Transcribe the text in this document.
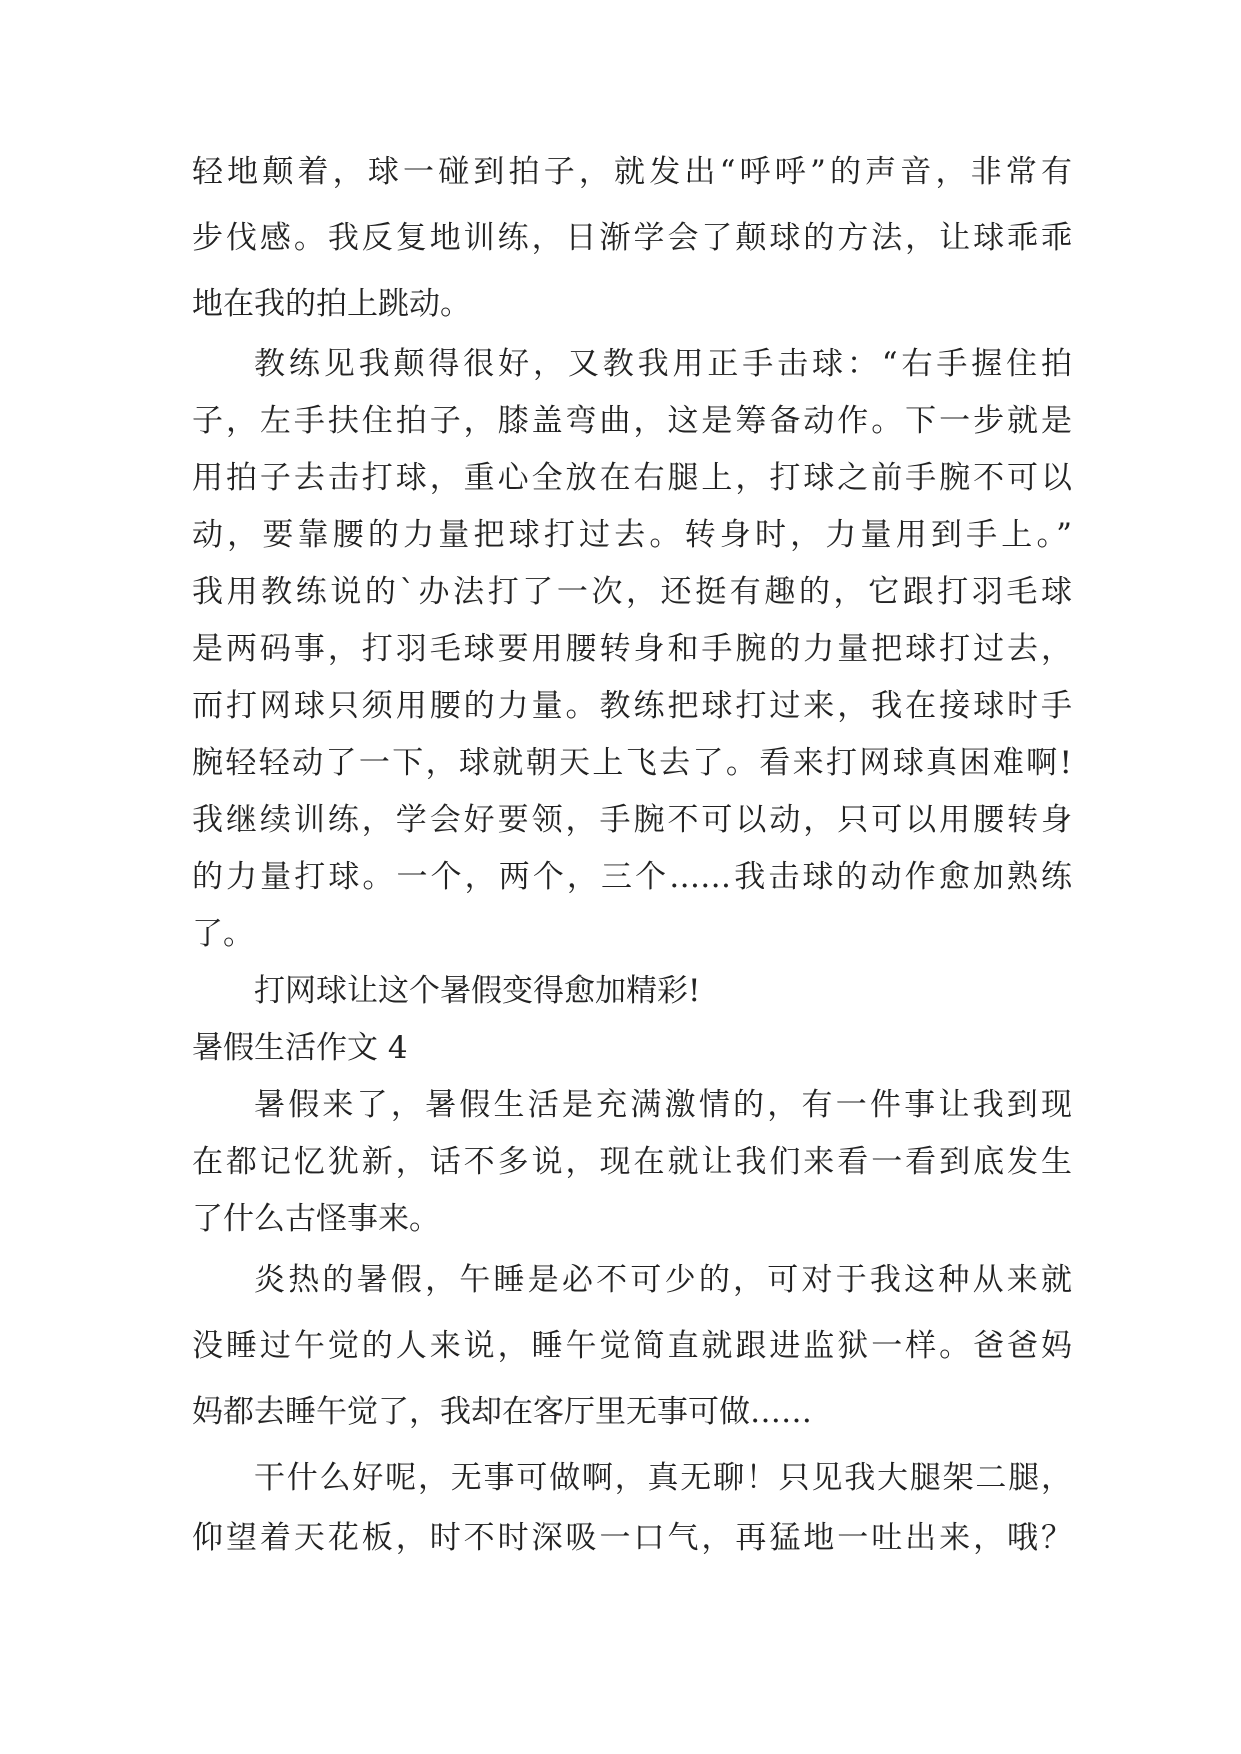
轻地颠着，球一碰到拍子，就发出“呼呼”的声音，非常有
步伐感。我反复地训练，日渐学会了颠球的方法，让球乖乖
地在我的拍上跳动。
教练见我颠得很好，又教我用正手击球：“右手握住拍
子，左手扶住拍子，膝盖弯曲，这是筹备动作。下一步就是
用拍子去击打球，重心全放在右腿上，打球之前手腕不可以
动，要靠腰的力量把球打过去。转身时，力量用到手上。”
我用教练说的`办法打了一次，还挺有趣的，它跟打羽毛球
是两码事，打羽毛球要用腰转身和手腕的力量把球打过去，
而打网球只须用腰的力量。教练把球打过来，我在接球时手
腕轻轻动了一下，球就朝天上飞去了。看来打网球真困难啊!
我继续训练，学会好要领，手腕不可以动，只可以用腰转身
的力量打球。一个，两个，三个……我击球的动作愈加熟练
了。
打网球让这个暑假变得愈加精彩!
暑假生活作文 4
暑假来了，暑假生活是充满激情的，有一件事让我到现
在都记忆犹新，话不多说，现在就让我们来看一看到底发生
了什么古怪事来。
炎热的暑假，午睡是必不可少的，可对于我这种从来就
没睡过午觉的人来说，睡午觉简直就跟进监狱一样。爸爸妈
妈都去睡午觉了，我却在客厅里无事可做……
干什么好呢，无事可做啊，真无聊！只见我大腿架二腿，
仰望着天花板，时不时深吸一口气，再猛地一吐出来，哦？
